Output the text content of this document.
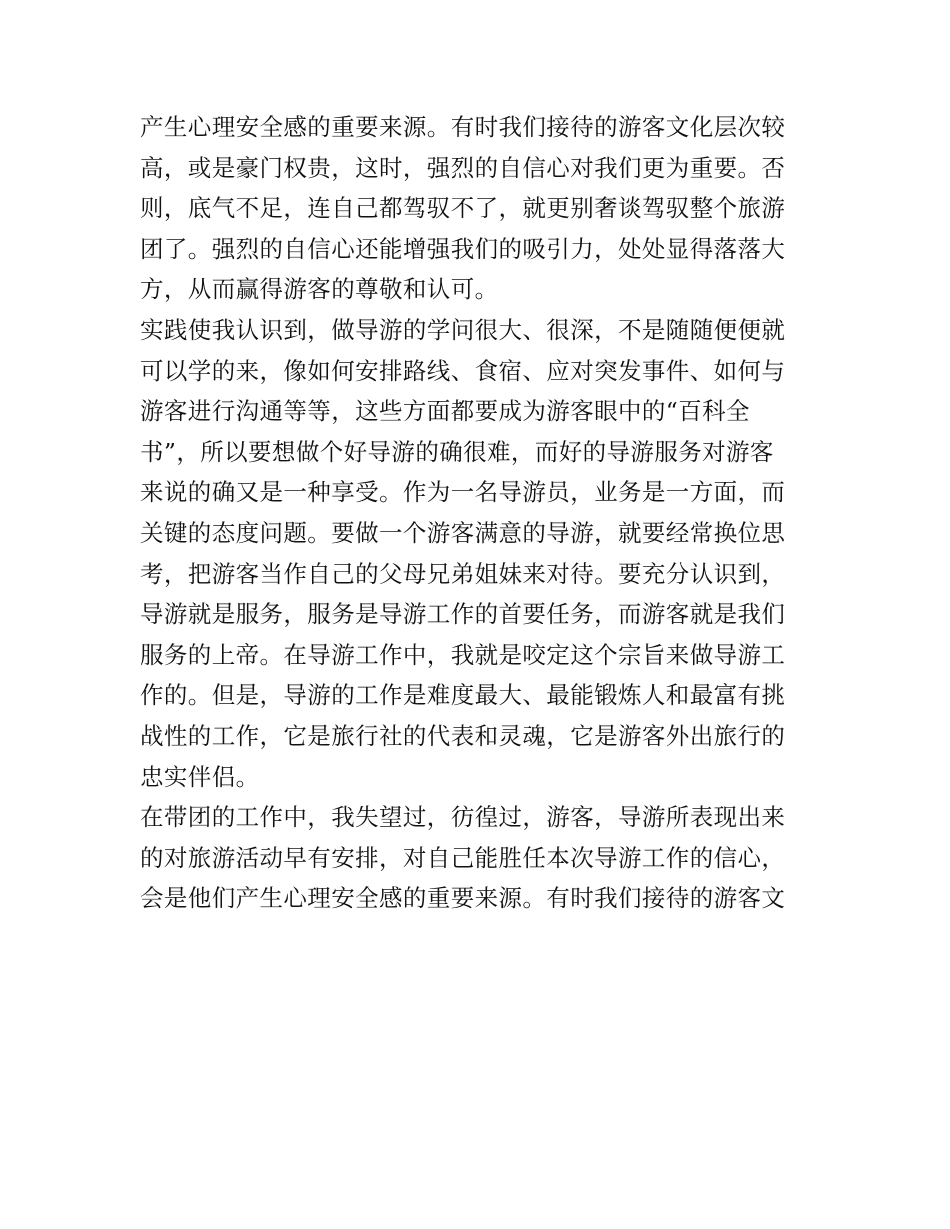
产生心理安全感的重要来源。有时我们接待的游客文化层次较
高，或是豪门权贵，这时，强烈的自信心对我们更为重要。否
则，底气不足，连自己都驾驭不了，就更别奢谈驾驭整个旅游
团了。强烈的自信心还能增强我们的吸引力，处处显得落落大
方，从而赢得游客的尊敬和认可。
实践使我认识到，做导游的学问很大、很深，不是随随便便就
可以学的来，像如何安排路线、食宿、应对突发事件、如何与
游客进行沟通等等，这些方面都要成为游客眼中的“百科全
书”，所以要想做个好导游的确很难，而好的导游服务对游客
来说的确又是一种享受。作为一名导游员，业务是一方面，而
关键的态度问题。要做一个游客满意的导游，就要经常换位思
考，把游客当作自己的父母兄弟姐妹来对待。要充分认识到，
导游就是服务，服务是导游工作的首要任务，而游客就是我们
服务的上帝。在导游工作中，我就是咬定这个宗旨来做导游工
作的。但是，导游的工作是难度最大、最能锻炼人和最富有挑
战性的工作，它是旅行社的代表和灵魂，它是游客外出旅行的
忠实伴侣。
在带团的工作中，我失望过，彷徨过，游客，导游所表现出来
的对旅游活动早有安排，对自己能胜任本次导游工作的信心，
会是他们产生心理安全感的重要来源。有时我们接待的游客文
